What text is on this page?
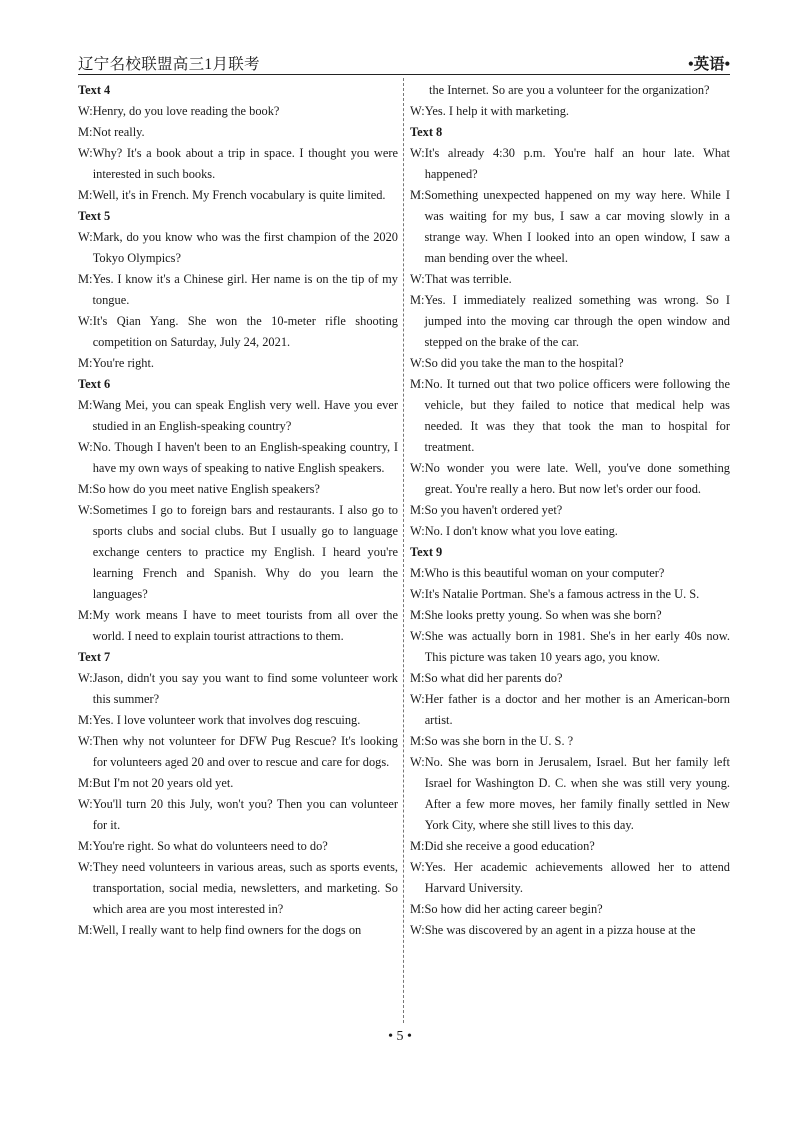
辽宁名校联盟高三1月联考	•英语•
Text 4
W: Henry, do you love reading the book?
M: Not really.
W: Why? It's a book about a trip in space. I thought you were interested in such books.
M: Well, it's in French. My French vocabulary is quite limited.
Text 5
W: Mark, do you know who was the first champion of the 2020 Tokyo Olympics?
M: Yes. I know it's a Chinese girl. Her name is on the tip of my tongue.
W: It's Qian Yang. She won the 10-meter rifle shooting competition on Saturday, July 24, 2021.
M: You're right.
Text 6
M: Wang Mei, you can speak English very well. Have you ever studied in an English-speaking country?
W: No. Though I haven't been to an English-speaking country, I have my own ways of speaking to native English speakers.
M: So how do you meet native English speakers?
W: Sometimes I go to foreign bars and restaurants. I also go to sports clubs and social clubs. But I usually go to language exchange centers to practice my English. I heard you're learning French and Spanish. Why do you learn the languages?
M: My work means I have to meet tourists from all over the world. I need to explain tourist attractions to them.
Text 7
W: Jason, didn't you say you want to find some volunteer work this summer?
M: Yes. I love volunteer work that involves dog rescuing.
W: Then why not volunteer for DFW Pug Rescue? It's looking for volunteers aged 20 and over to rescue and care for dogs.
M: But I'm not 20 years old yet.
W: You'll turn 20 this July, won't you? Then you can volunteer for it.
M: You're right. So what do volunteers need to do?
W: They need volunteers in various areas, such as sports events, transportation, social media, newsletters, and marketing. So which area are you most interested in?
M: Well, I really want to help find owners for the dogs on
the Internet. So are you a volunteer for the organization?
W: Yes. I help it with marketing.
Text 8
W: It's already 4:30 p.m. You're half an hour late. What happened?
M: Something unexpected happened on my way here. While I was waiting for my bus, I saw a car moving slowly in a strange way. When I looked into an open window, I saw a man bending over the wheel.
W: That was terrible.
M: Yes. I immediately realized something was wrong. So I jumped into the moving car through the open window and stepped on the brake of the car.
W: So did you take the man to the hospital?
M: No. It turned out that two police officers were following the vehicle, but they failed to notice that medical help was needed. It was they that took the man to hospital for treatment.
W: No wonder you were late. Well, you've done something great. You're really a hero. But now let's order our food.
M: So you haven't ordered yet?
W: No. I don't know what you love eating.
Text 9
M: Who is this beautiful woman on your computer?
W: It's Natalie Portman. She's a famous actress in the U. S.
M: She looks pretty young. So when was she born?
W: She was actually born in 1981. She's in her early 40s now. This picture was taken 10 years ago, you know.
M: So what did her parents do?
W: Her father is a doctor and her mother is an American-born artist.
M: So was she born in the U. S. ?
W: No. She was born in Jerusalem, Israel. But her family left Israel for Washington D. C. when she was still very young. After a few more moves, her family finally settled in New York City, where she still lives to this day.
M: Did she receive a good education?
W: Yes. Her academic achievements allowed her to attend Harvard University.
M: So how did her acting career begin?
W: She was discovered by an agent in a pizza house at the
• 5 •
